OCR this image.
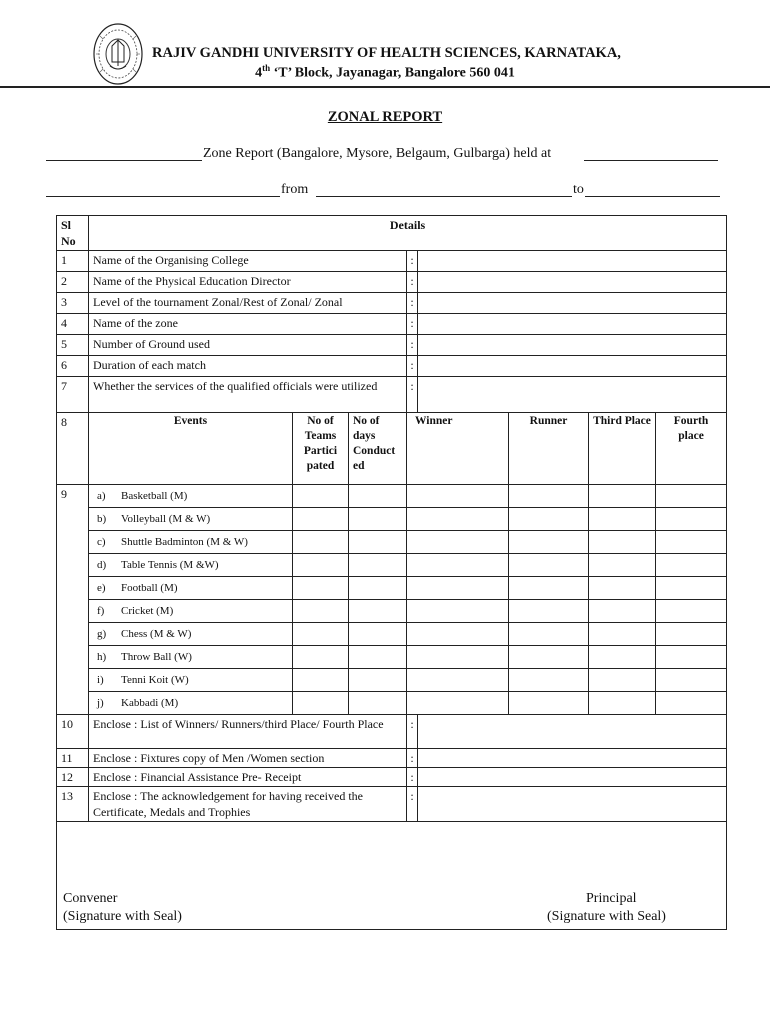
RAJIV GANDHI UNIVERSITY OF HEALTH SCIENCES, KARNATAKA,
4th ‘T’ Block, Jayanagar, Bangalore 560 041
ZONAL REPORT
Zone Report (Bangalore, Mysore, Belgaum, Gulbarga) held at
from	to
Sl No	Details							
1	Name of the Organising College			:				
2	Name of the Physical Education Director			:				
3	Level of the tournament Zonal/Rest of Zonal/ Zonal			:				
4	Name of the zone			:				
5	Number of Ground used			:				
6	Duration of each match			:				
7	Whether the services of the qualified officials were utilized			:				
8	Events	No of Teams Partici pated	No of days Conduct ed	Winner		Runner	Third Place	Fourth place
9	a) Basketball (M)							
	b) Volleyball (M & W)							
	c) Shuttle Badminton (M & W)							
	d) Table Tennis (M &W)							
	e) Football (M)							
	f) Cricket (M)							
	g) Chess (M & W)							
	h) Throw Ball (W)							
	i) Tenni Koit (W)							
	j) Kabbadi (M)							
10	Enclose : List of Winners/ Runners/third Place/ Fourth Place			:				
11	Enclose : Fixtures copy of Men /Women section			:				
12	Enclose : Financial Assistance Pre- Receipt			:				
13	Enclose : The acknowledgement for having received the Certificate, Medals and Trophies			:				

Convener
(Signature with Seal)
Principal
(Signature with Seal)
